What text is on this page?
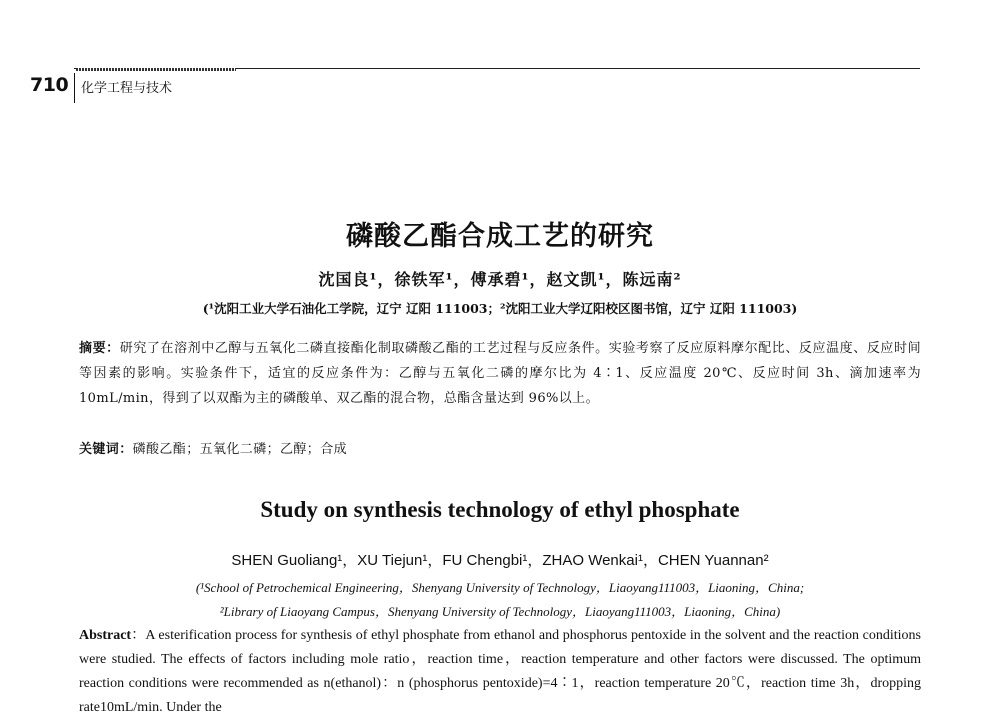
710 化学工程与技术
磷酸乙酯合成工艺的研究
沈国良¹，徐铁军¹，傅承碧¹，赵文凯¹，陈远南²
(¹沈阳工业大学石油化工学院，辽宁 辽阳 111003；²沈阳工业大学辽阳校区图书馆，辽宁 辽阳 111003)
摘要：研究了在溶剂中乙醇与五氧化二磷直接酯化制取磷酸乙酯的工艺过程与反应条件。实验考察了反应原料摩尔配比、反应温度、反应时间等因素的影响。实验条件下，适宜的反应条件为：乙醇与五氧化二磷的摩尔比为 4∶1、反应温度 20℃、反应时间 3h、滴加速率为 10mL/min，得到了以双酯为主的磷酸单、双乙酯的混合物，总酯含量达到 96%以上。
关键词：磷酸乙酯；五氧化二磷；乙醇；合成
Study on synthesis technology of ethyl phosphate
SHEN Guoliang¹，XU Tiejun¹，FU Chengbi¹，ZHAO Wenkai¹，CHEN Yuannan²
(¹School of Petrochemical Engineering，Shenyang University of Technology，Liaoyang111003，Liaoning，China;
²Library of Liaoyang Campus，Shenyang University of Technology，Liaoyang111003，Liaoning，China)
Abstract：A esterification process for synthesis of ethyl phosphate from ethanol and phosphorus pentoxide in the solvent and the reaction conditions were studied. The effects of factors including mole ratio，reaction time，reaction temperature and other factors were discussed. The optimum reaction conditions were recommended as n(ethanol)：n (phosphorus pentoxide)=4∶1，reaction temperature 20℃，reaction time 3h，dropping rate10mL/min. Under the
